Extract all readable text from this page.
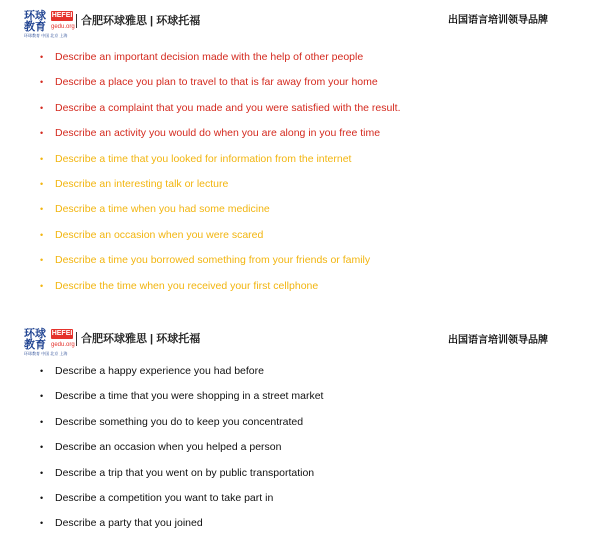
环球
教育
HEFEI
gedu.org
环球教育 中国 北京 上海
合肥环球雅思 | 环球托福	出国语言培训领导品牌
• Describe an important decision made with the help of other people
• Describe a place you plan to travel to that is far away from your home
• Describe a complaint that you made and you were satisfied with the result.
• Describe an activity you would do when you are along in you free time
• Describe a time that you looked for information from the internet
• Describe an interesting talk or lecture
• Describe a time when you had some medicine
• Describe an occasion when you were scared
• Describe a time you borrowed something from your friends or family
• Describe the time when you received your first cellphone
环球
教育
HEFEI
gedu.org
环球教育 中国 北京 上海
合肥环球雅思 | 环球托福	出国语言培训领导品牌
• Describe a happy experience you had before
• Describe a time that you were shopping in a street market
• Describe something you do to keep you concentrated
• Describe an occasion when you helped a person
• Describe a trip that you went on by public transportation
• Describe a competition you want to take part in
• Describe a party that you joined
